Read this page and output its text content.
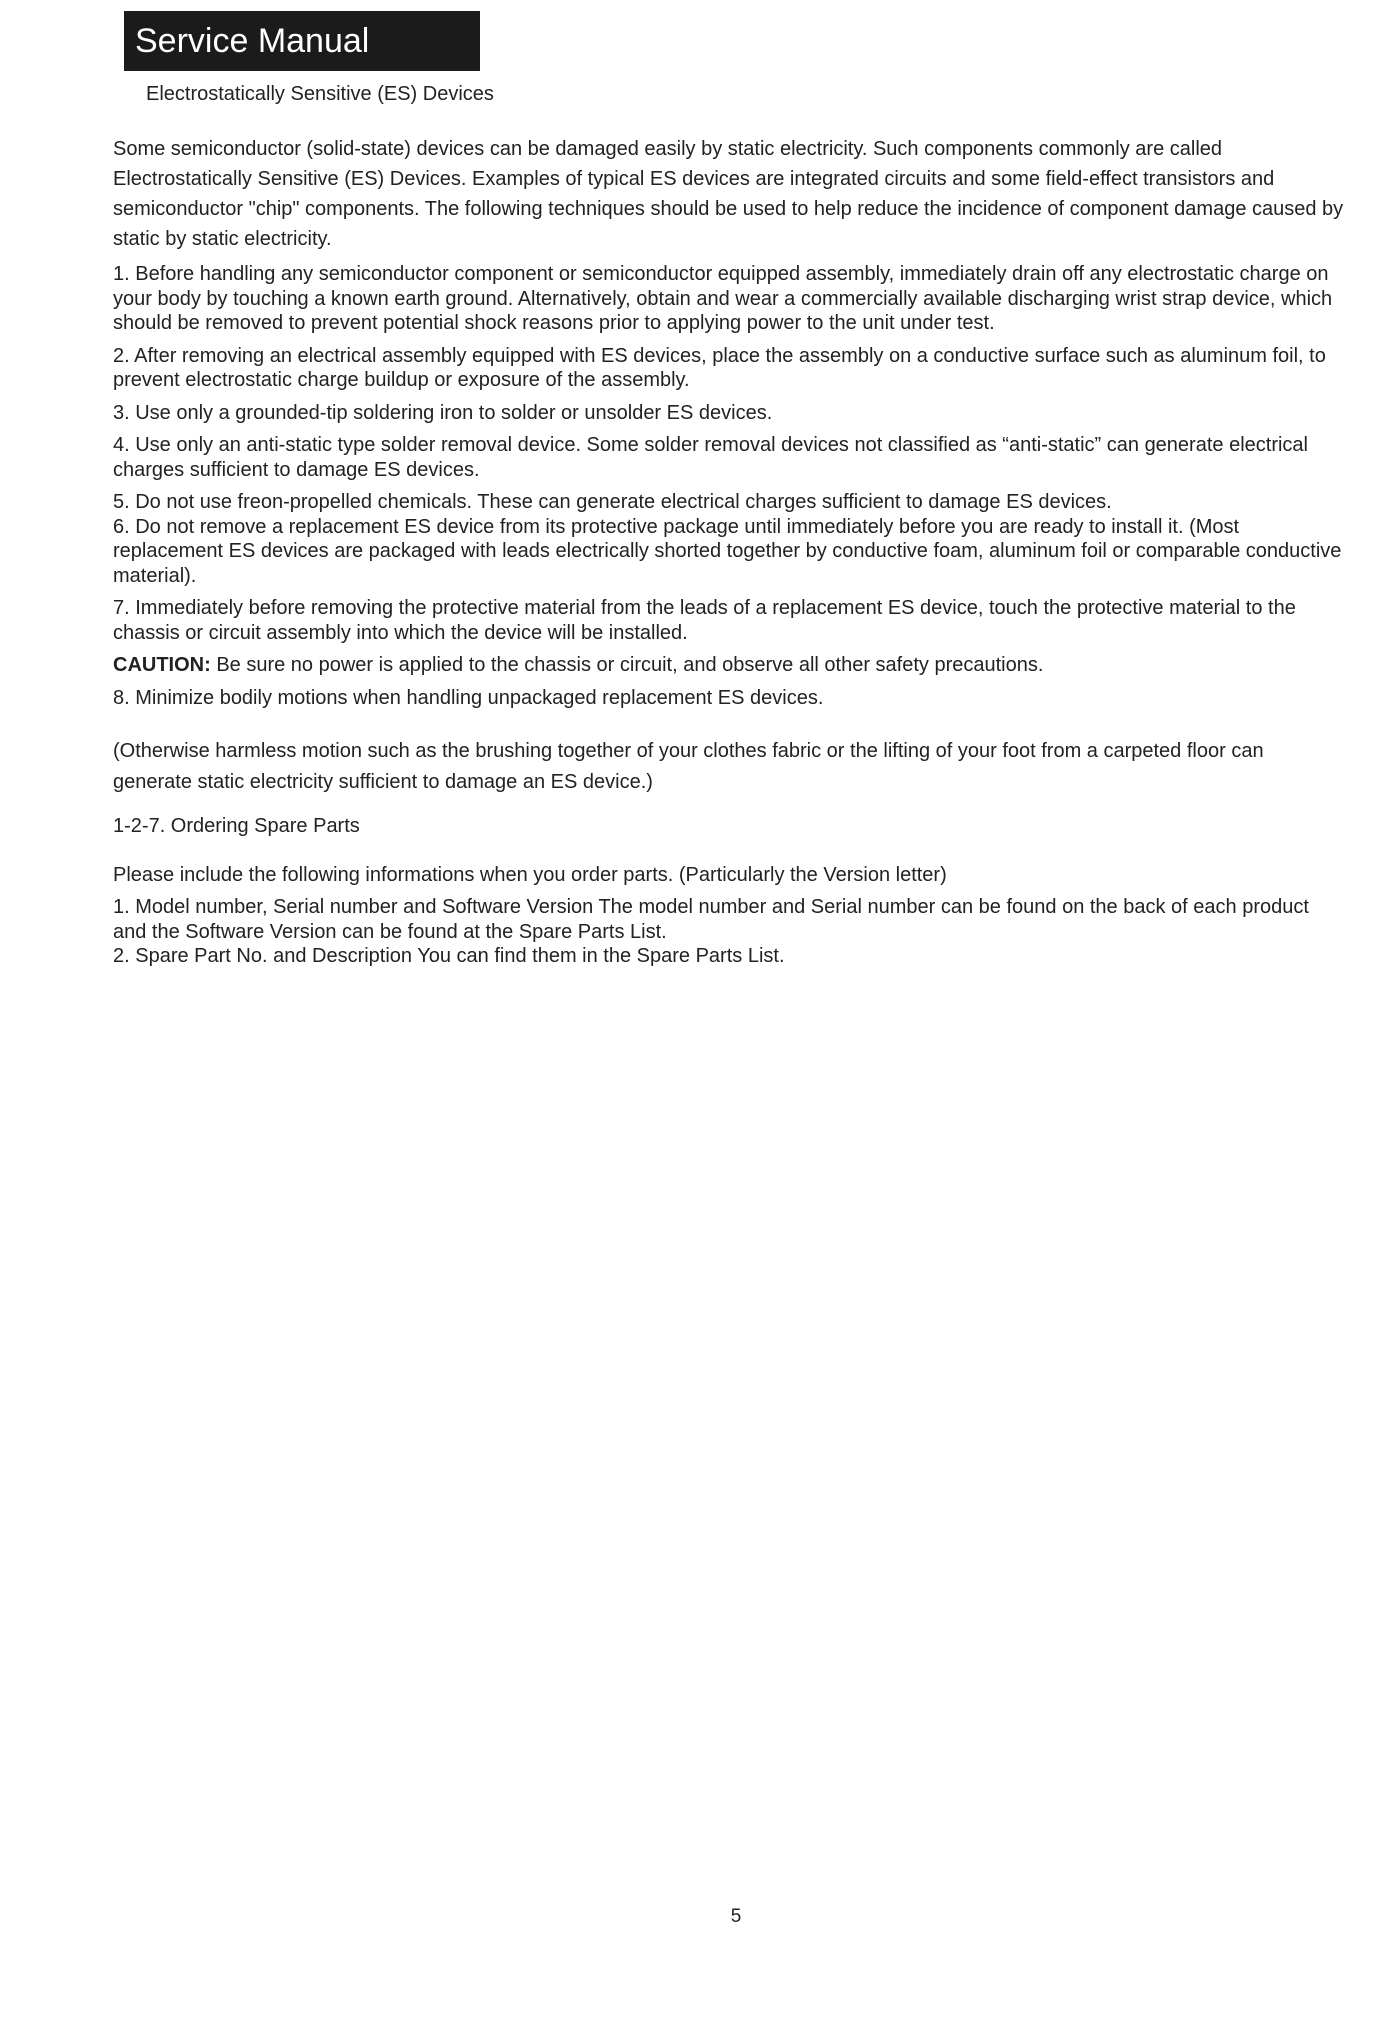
Service Manual
Electrostatically Sensitive (ES) Devices

Some semiconductor (solid-state) devices can be damaged easily by static electricity. Such components commonly are called Electrostatically Sensitive (ES) Devices. Examples of typical ES devices are integrated circuits and some field-effect transistors and semiconductor "chip" components. The following techniques should be used to help reduce the incidence of component damage caused by static by static electricity.

1. Before handling any semiconductor component or semiconductor equipped assembly, immediately drain off any electrostatic charge on your body by touching a known earth ground. Alternatively, obtain and wear a commercially available discharging wrist strap device, which should be removed to prevent potential shock reasons prior to applying power to the unit under test.

2. After removing an electrical assembly equipped with ES devices, place the assembly on a conductive surface such as aluminum foil, to prevent electrostatic charge buildup or exposure of the assembly.

3. Use only a grounded-tip soldering iron to solder or unsolder ES devices.

4. Use only an anti-static type solder removal device. Some solder removal devices not classified as “anti-static” can generate electrical charges sufficient to damage ES devices.

5. Do not use freon-propelled chemicals. These can generate electrical charges sufficient to damage ES devices.

6. Do not remove a replacement ES device from its protective package until immediately before you are ready to install it. (Most replacement ES devices are packaged with leads electrically shorted together by conductive foam, aluminum foil or comparable conductive material).

7. Immediately before removing the protective material from the leads of a replacement ES device, touch the protective material to the chassis or circuit assembly into which the device will be installed.

CAUTION: Be sure no power is applied to the chassis or circuit, and observe all other safety precautions.

8. Minimize bodily motions when handling unpackaged replacement ES devices.

(Otherwise harmless motion such as the brushing together of your clothes fabric or the lifting of your foot from a carpeted floor can generate static electricity sufficient to damage an ES device.)

1-2-7. Ordering Spare Parts

Please include the following informations when you order parts. (Particularly the Version letter)

1. Model number, Serial number and Software Version The model number and Serial number can be found on the back of each product and the Software Version can be found at the Spare Parts List.

2. Spare Part No. and Description You can find them in the Spare Parts List.

5
